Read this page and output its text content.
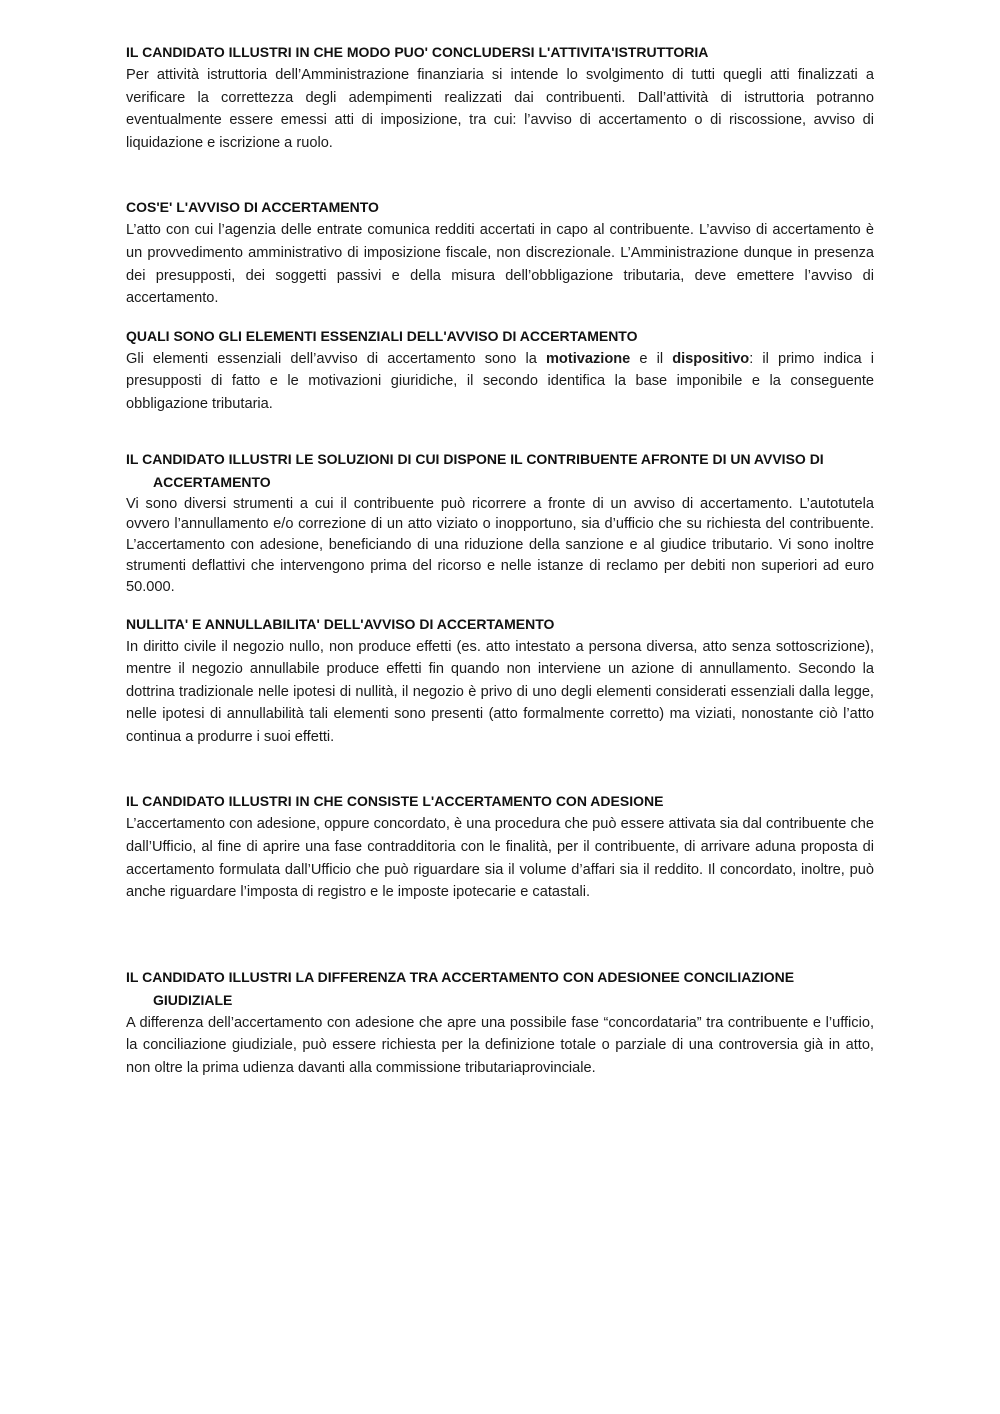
IL CANDIDATO ILLUSTRI IN CHE MODO PUO' CONCLUDERSI L'ATTIVITA'ISTRUTTORIA

Per attività istruttoria dell’Amministrazione finanziaria si intende lo svolgimento di tutti quegli atti finalizzati a verificare la correttezza degli adempimenti realizzati dai contribuenti. Dall’attività di istruttoria potranno eventualmente essere emessi atti di imposizione, tra cui: l’avviso di accertamento o di riscossione, avviso di liquidazione e iscrizione a ruolo.

COS'E' L'AVVISO DI ACCERTAMENTO

L’atto con cui l’agenzia delle entrate comunica redditi accertati in capo al contribuente. L’avviso di accertamento è un provvedimento amministrativo di imposizione fiscale, non discrezionale. L’Amministrazione dunque in presenza dei presupposti, dei soggetti passivi e della misura dell’obbligazione tributaria, deve emettere l’avviso di accertamento.

QUALI SONO GLI ELEMENTI ESSENZIALI DELL'AVVISO DI ACCERTAMENTO

Gli elementi essenziali dell’avviso di accertamento sono la motivazione e il dispositivo: il primo indica i presupposti di fatto e le motivazioni giuridiche, il secondo identifica la base imponibile e la conseguente obbligazione tributaria.

IL CANDIDATO ILLUSTRI LE SOLUZIONI DI CUI DISPONE IL CONTRIBUENTE AFRONTE DI UN AVVISO DI
ACCERTAMENTO

Vi sono diversi strumenti a cui il contribuente può ricorrere a fronte di un avviso di accertamento. L’autotutela ovvero l’annullamento e/o correzione di un atto viziato o inopportuno, sia d’ufficio che su richiesta del contribuente. L’accertamento con adesione, beneficiando di una riduzione della sanzione e al giudice tributario. Vi sono inoltre strumenti deflattivi che intervengono prima del ricorso e nelle istanze di reclamo per debiti non superiori ad euro 50.000.

NULLITA' E ANNULLABILITA' DELL'AVVISO DI ACCERTAMENTO

In diritto civile il negozio nullo, non produce effetti (es. atto intestato a persona diversa, atto senza sottoscrizione), mentre il negozio annullabile produce effetti fin quando non interviene un azione di annullamento. Secondo la dottrina tradizionale nelle ipotesi di nullità, il negozio è privo di uno degli elementi considerati essenziali dalla legge, nelle ipotesi di annullabilità tali elementi sono presenti (atto formalmente corretto) ma viziati, nonostante ciò l’atto continua a produrre i suoi effetti.

IL CANDIDATO ILLUSTRI IN CHE CONSISTE L'ACCERTAMENTO CON ADESIONE

L’accertamento con adesione, oppure concordato, è una procedura che può essere attivata sia dal contribuente che dall’Ufficio, al fine di aprire una fase contradditoria con le finalità, per il contribuente, di arrivare aduna proposta di accertamento formulata dall’Ufficio che può riguardare sia il volume d’affari sia il reddito. Il concordato, inoltre, può anche riguardare l’imposta di registro e le imposte ipotecarie e catastali.

IL CANDIDATO ILLUSTRI LA DIFFERENZA TRA ACCERTAMENTO CON ADESIONEE CONCILIAZIONE
GIUDIZIALE

A differenza dell’accertamento con adesione che apre una possibile fase “concordataria” tra contribuente e l’ufficio, la conciliazione giudiziale, può essere richiesta per la definizione totale o parziale di una controversia già in atto, non oltre la prima udienza davanti alla commissione tributariaprovinciale.
